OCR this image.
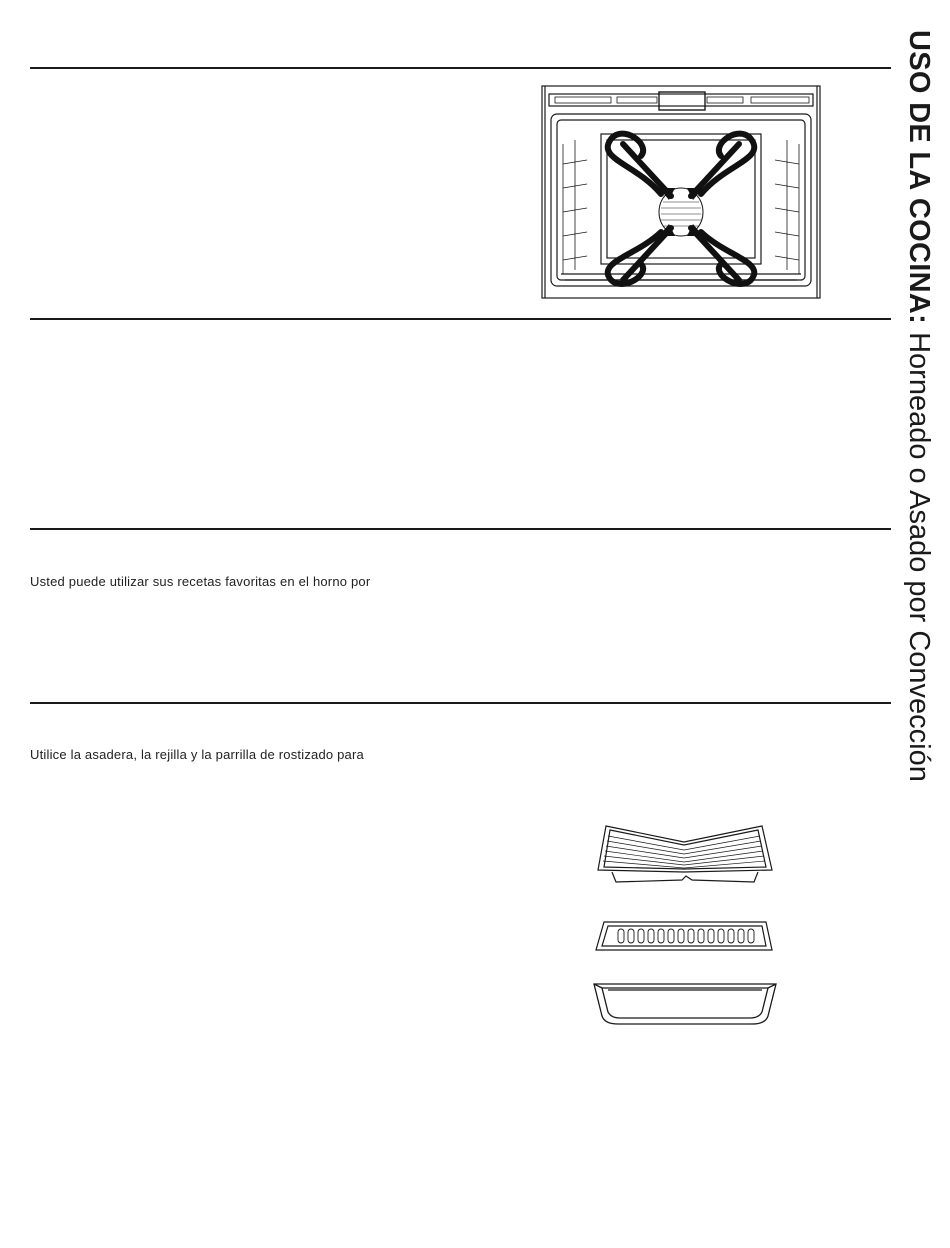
Usted puede utilizar sus recetas favoritas en el horno por
Utilice la asadera, la rejilla y la parrilla de rostizado para
USO DE LA COCINA: Horneado o Asado por Convección
